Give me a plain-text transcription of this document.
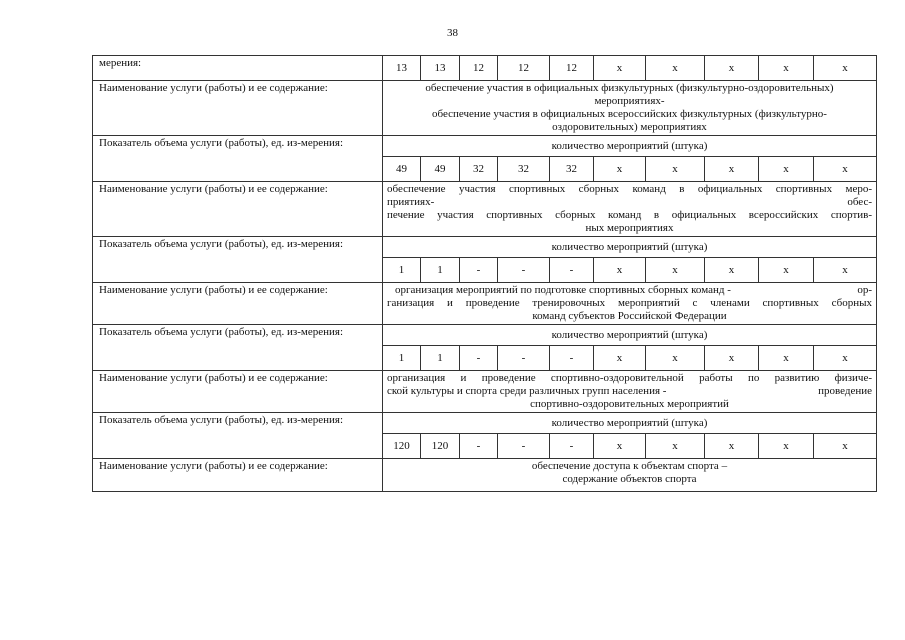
38
мерения:	13	13	12	12	12	х	х	х	х	х
Наименование услуги (работы) и ее содержание:	обеспечение участия в официальных физкультурных (физкультурно-оздоровительных)
мероприятиях-
обеспечение участия в официальных всероссийских физкультурных (физкультурно-
оздоровительных) мероприятиях									

Показатель объема услуги (работы), ед. из-мерения:	количество мероприятий (штука)									
	49	49	32	32	32	х	х	х	х	х
Наименование услуги (работы) и ее содержание:	обеспечение участия спортивных сборных команд в официальных спортивных меро-
приятиях- обес-
печение участия спортивных сборных команд в официальных всероссийских спортив-
ных мероприятиях									

Показатель объема услуги (работы), ед. из-мерения:	количество мероприятий (штука)									
	1	1	-	-	-	х	х	х	х	х
Наименование услуги (работы) и ее содержание:	организация мероприятий по подготовке спортивных сборных команд - ор-
ганизация и проведение тренировочных мероприятий с членами спортивных сборных
команд субъектов Российской Федерации									

Показатель объема услуги (работы), ед. из-мерения:	количество мероприятий (штука)									
	1	1	-	-	-	х	х	х	х	х
Наименование услуги (работы) и ее содержание:	организация и проведение спортивно-оздоровительной работы по развитию физиче-
ской культуры и спорта среди различных групп населения - проведение
спортивно-оздоровительных мероприятий									

Показатель объема услуги (работы), ед. из-мерения:	количество мероприятий (штука)									
	120	120	-	-	-	х	х	х	х	х
Наименование услуги (работы) и ее содержание:	обеспечение доступа к объектам спорта –
содержание объектов спорта									
